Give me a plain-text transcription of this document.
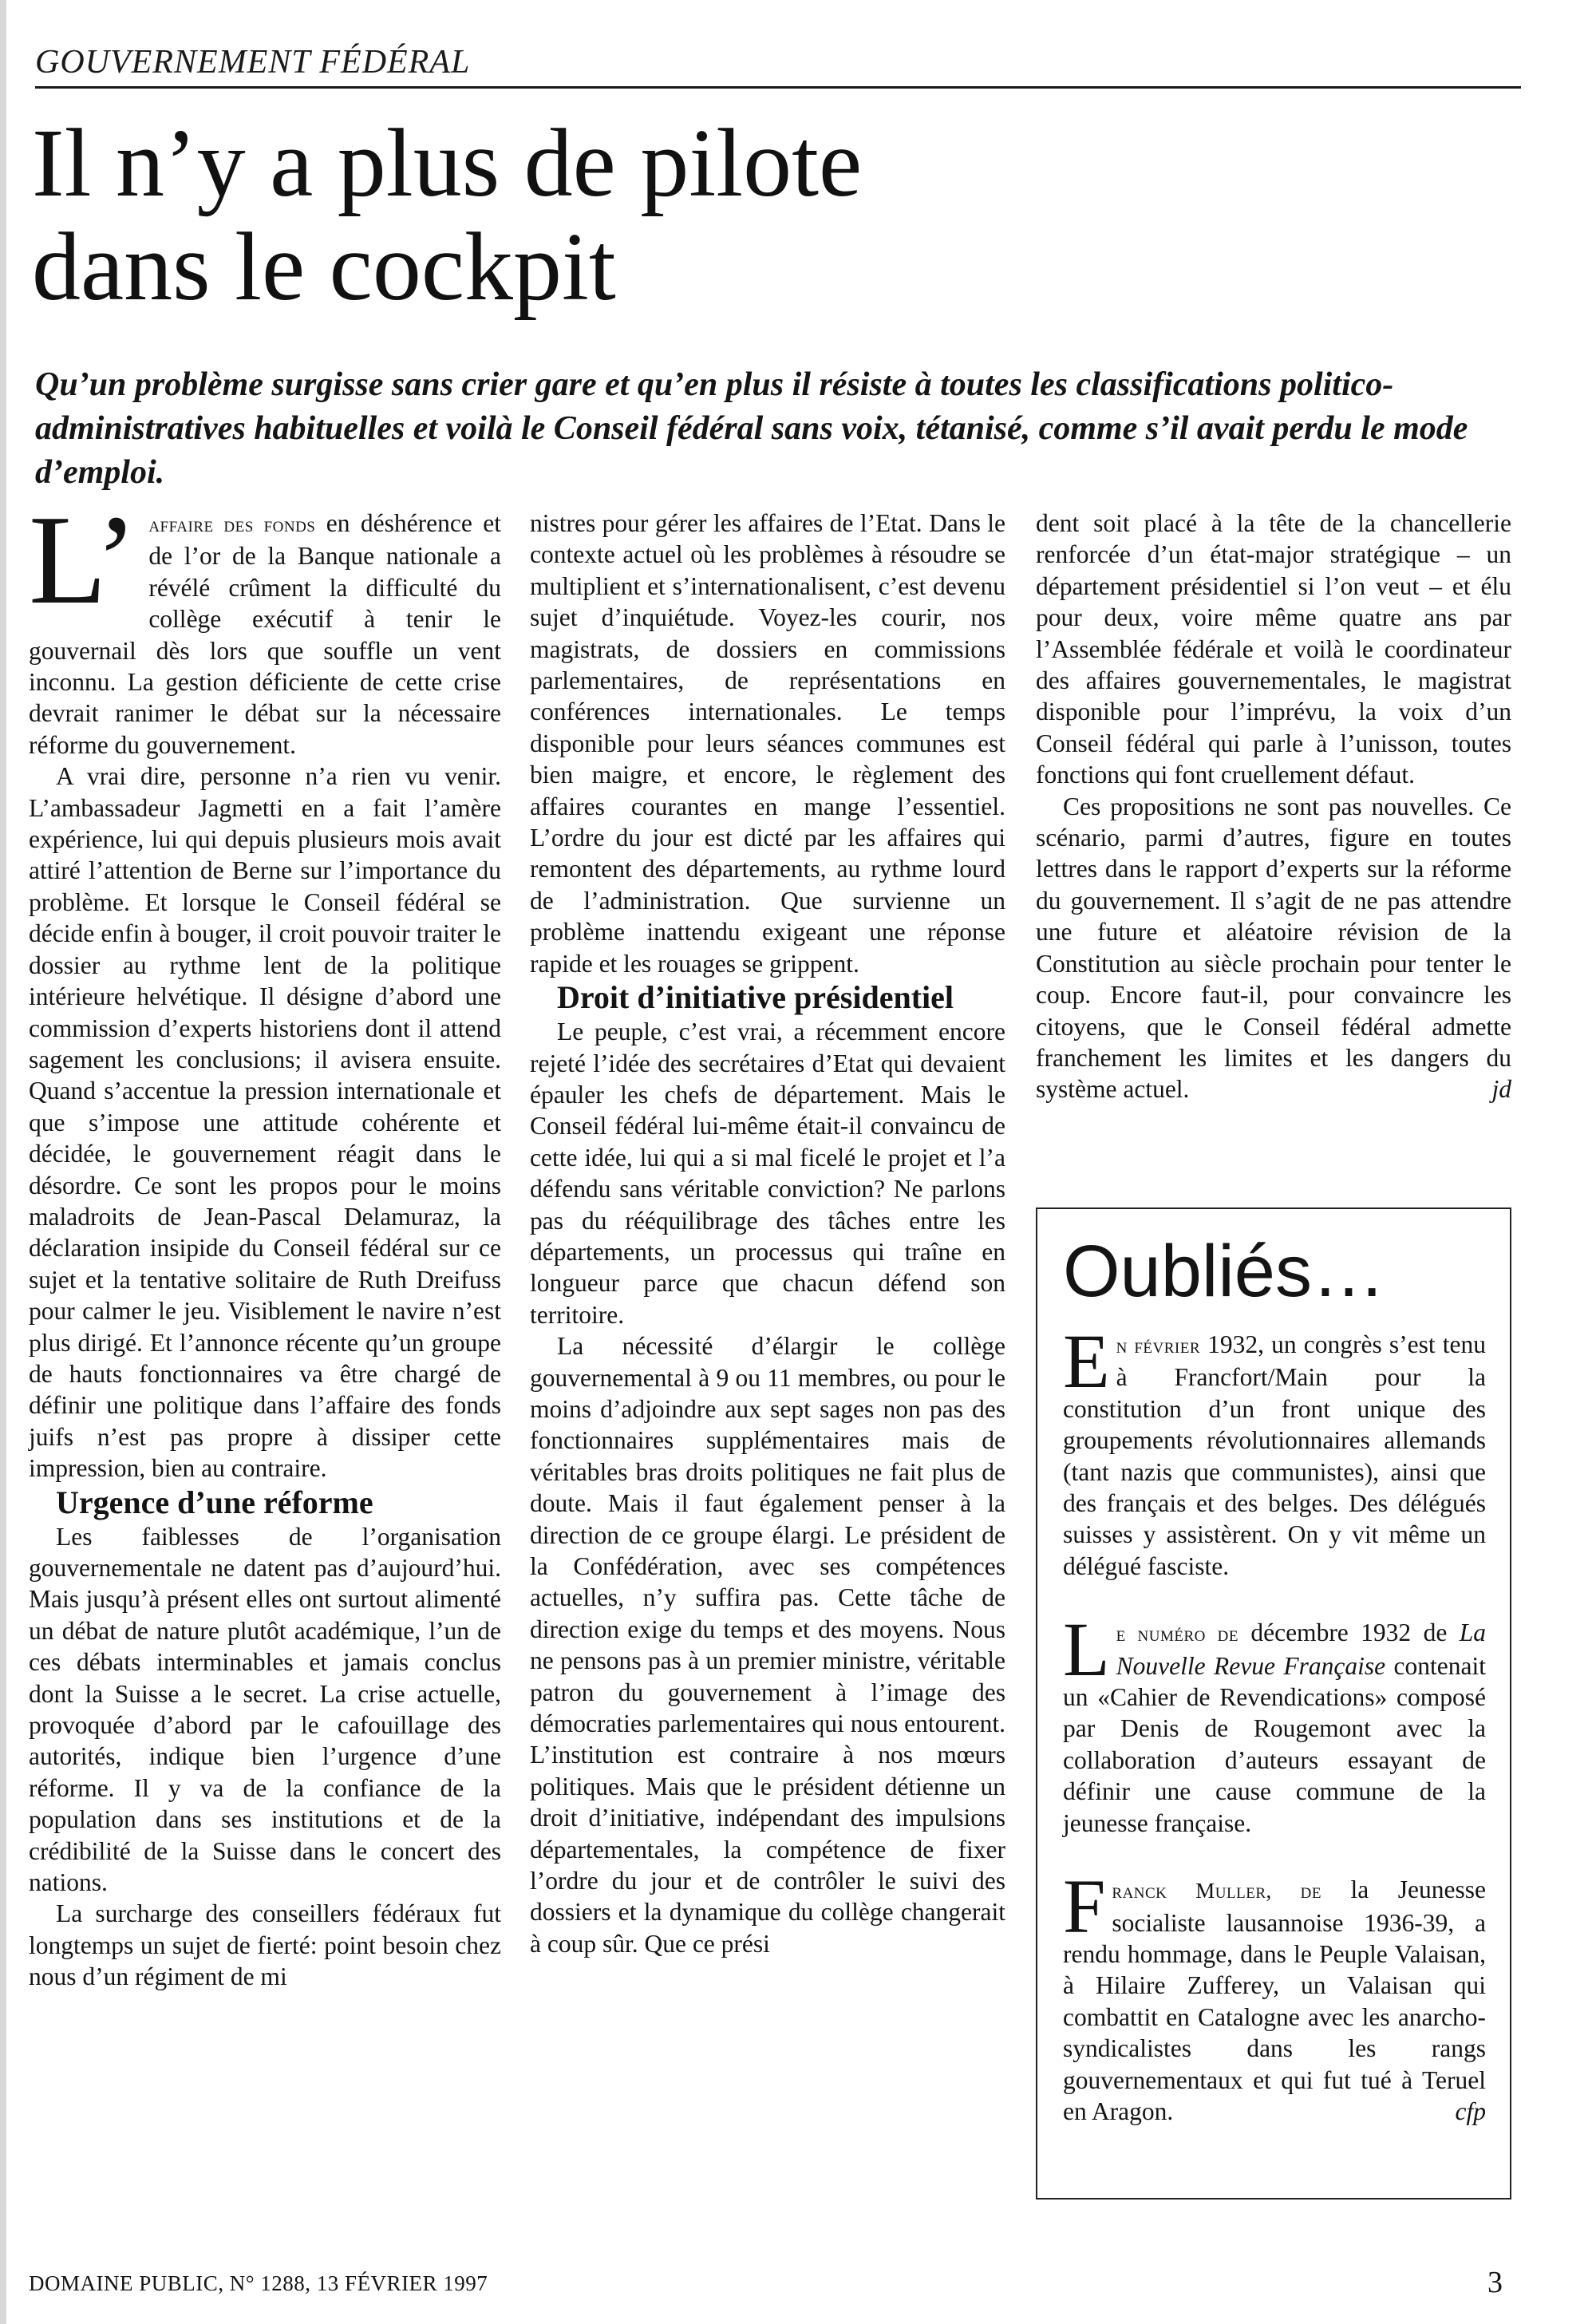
GOUVERNEMENT FÉDÉRAL
Il n’y a plus de pilote
dans le cockpit

Qu’un problème surgisse sans crier gare et qu’en plus il résiste à toutes les classifications politico-administratives habituelles et voilà le Conseil fédéral sans voix, tétanisé, comme s’il avait perdu le mode d’emploi.

L’ affaire des fonds en déshérence et de l’or de la Banque nationale a révélé crûment la difficulté du collège exécutif à tenir le gouvernail dès lors que souffle un vent inconnu. La gestion déficiente de cette crise devrait ranimer le débat sur la nécessaire réforme du gouvernement.

A vrai dire, personne n’a rien vu venir. L’ambassadeur Jagmetti en a fait l’amère expérience, lui qui depuis plusieurs mois avait attiré l’attention de Berne sur l’importance du problème. Et lorsque le Conseil fédéral se décide enfin à bouger, il croit pouvoir traiter le dossier au rythme lent de la politique intérieure helvétique. Il désigne d’abord une commission d’experts historiens dont il attend sagement les conclusions; il avisera ensuite. Quand s’accentue la pression internationale et que s’impose une attitude cohérente et décidée, le gouvernement réagit dans le désordre. Ce sont les propos pour le moins maladroits de Jean-Pascal Delamuraz, la déclaration insipide du Conseil fédéral sur ce sujet et la tentative solitaire de Ruth Dreifuss pour calmer le jeu. Visiblement le navire n’est plus dirigé. Et l’annonce récente qu’un groupe de hauts fonctionnaires va être chargé de définir une politique dans l’affaire des fonds juifs n’est pas propre à dissiper cette impression, bien au contraire.

Urgence d’une réforme

Les faiblesses de l’organisation gouvernementale ne datent pas d’aujourd’hui. Mais jusqu’à présent elles ont surtout alimenté un débat de nature plutôt académique, l’un de ces débats interminables et jamais conclus dont la Suisse a le secret. La crise actuelle, provoquée d’abord par le cafouillage des autorités, indique bien l’urgence d’une réforme. Il y va de la confiance de la population dans ses institutions et de la crédibilité de la Suisse dans le concert des nations.

La surcharge des conseillers fédéraux fut longtemps un sujet de fierté: point besoin chez nous d’un régiment de mi

nistres pour gérer les affaires de l’Etat. Dans le contexte actuel où les problèmes à résoudre se multiplient et s’internationalisent, c’est devenu sujet d’inquiétude. Voyez-les courir, nos magistrats, de dossiers en commissions parlementaires, de représentations en conférences internationales. Le temps disponible pour leurs séances communes est bien maigre, et encore, le règlement des affaires courantes en mange l’essentiel. L’ordre du jour est dicté par les affaires qui remontent des départements, au rythme lourd de l’administration. Que survienne un problème inattendu exigeant une réponse rapide et les rouages se grippent.

Droit d’initiative présidentiel

Le peuple, c’est vrai, a récemment encore rejeté l’idée des secrétaires d’Etat qui devaient épauler les chefs de département. Mais le Conseil fédéral lui-même était-il convaincu de cette idée, lui qui a si mal ficelé le projet et l’a défendu sans véritable conviction? Ne parlons pas du rééquilibrage des tâches entre les départements, un processus qui traîne en longueur parce que chacun défend son territoire.

La nécessité d’élargir le collège gouvernemental à 9 ou 11 membres, ou pour le moins d’adjoindre aux sept sages non pas des fonctionnaires supplémentaires mais de véritables bras droits politiques ne fait plus de doute. Mais il faut également penser à la direction de ce groupe élargi. Le président de la Confédération, avec ses compétences actuelles, n’y suffira pas. Cette tâche de direction exige du temps et des moyens. Nous ne pensons pas à un premier ministre, véritable patron du gouvernement à l’image des démocraties parlementaires qui nous entourent. L’institution est contraire à nos mœurs politiques. Mais que le président détienne un droit d’initiative, indépendant des impulsions départementales, la compétence de fixer l’ordre du jour et de contrôler le suivi des dossiers et la dynamique du collège changerait à coup sûr. Que ce prési

dent soit placé à la tête de la chancellerie renforcée d’un état-major stratégique – un département présidentiel si l’on veut – et élu pour deux, voire même quatre ans par l’Assemblée fédérale et voilà le coordinateur des affaires gouvernementales, le magistrat disponible pour l’imprévu, la voix d’un Conseil fédéral qui parle à l’unisson, toutes fonctions qui font cruellement défaut.

Ces propositions ne sont pas nouvelles. Ce scénario, parmi d’autres, figure en toutes lettres dans le rapport d’experts sur la réforme du gouvernement. Il s’agit de ne pas attendre une future et aléatoire révision de la Constitution au siècle prochain pour tenter le coup. Encore faut-il, pour convaincre les citoyens, que le Conseil fédéral admette franchement les limites et les dangers du système actuel.	jd

Oubliés…

En février 1932, un congrès s’est tenu à Francfort/Main pour la constitution d’un front unique des groupements révolutionnaires allemands (tant nazis que communistes), ainsi que des français et des belges. Des délégués suisses y assistèrent. On y vit même un délégué fasciste.

Le numéro de décembre 1932 de La Nouvelle Revue Française contenait un «Cahier de Revendications» composé par Denis de Rougemont avec la collaboration d’auteurs essayant de définir une cause commune de la jeunesse française.

Franck Muller, de la Jeunesse socialiste lausannoise 1936-39, a rendu hommage, dans le Peuple Valaisan, à Hilaire Zufferey, un Valaisan qui combattit en Catalogne avec les anarcho-syndicalistes dans les rangs gouvernementaux et qui fut tué à Teruel en Aragon.	cfp

DOMAINE PUBLIC, N° 1288, 13 FÉVRIER 1997	3
